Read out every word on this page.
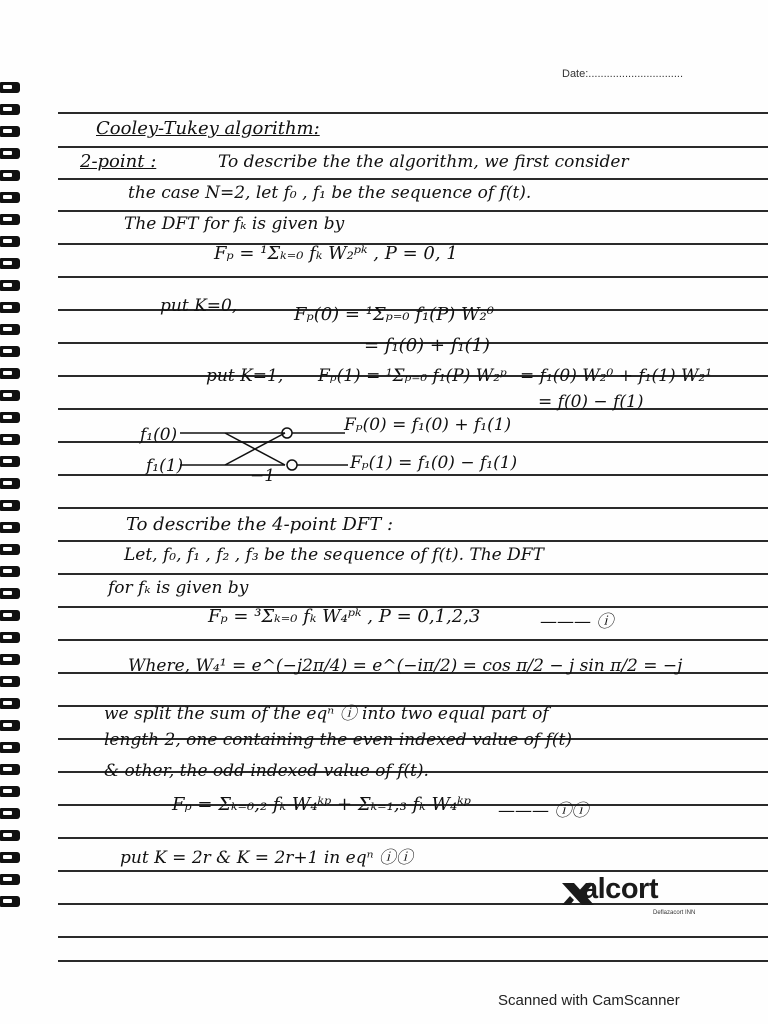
Date:...............................
Cooley-Tukey algorithm:
2-point :	To describe the the algorithm, we first consider
the case N=2, let f₀ , f₁ be the sequence of f(t).
The DFT for fₖ is given by
Fₚ = ¹Σₖ₌₀ fₖ W₂ᵖᵏ , P = 0, 1
put K=0,	Fₚ(0) = ¹Σₚ₌₀ f₁(P) W₂⁰
= f₁(0) + f₁(1)
put K=1, Fₚ(1) = ¹Σₚ₌₀ f₁(P) W₂ᵖ = f₁(0) W₂⁰ + f₁(1) W₂¹
= f(0) − f(1)
f₁(0)
f₁(1)	−1
Fₚ(0) = f₁(0) + f₁(1)
Fₚ(1) = f₁(0) − f₁(1)
To describe the 4-point DFT :
Let, f₀, f₁ , f₂ , f₃ be the sequence of f(t). The DFT
for fₖ is given by
Fₚ = ³Σₖ₌₀ fₖ W₄ᵖᵏ , P = 0,1,2,3	——— ⓘ
Where, W₄¹ = e^(−j2π/4) = e^(−iπ/2) = cos π/2 − j sin π/2 = −j
we split the sum of the eqⁿ ⓘ into two equal part of
length 2, one containing the even indexed value of f(t)
& other, the odd indexed value of f(t).
Fₚ = Σₖ₌₀,₂ fₖ W₄ᵏᵖ + Σₖ₌₁,₃ fₖ W₄ᵏᵖ ——— ⓘⓘ
put K = 2r & K = 2r+1 in eqⁿ ⓘⓘ
alcort
Deflazacort INN
Scanned with CamScanner
